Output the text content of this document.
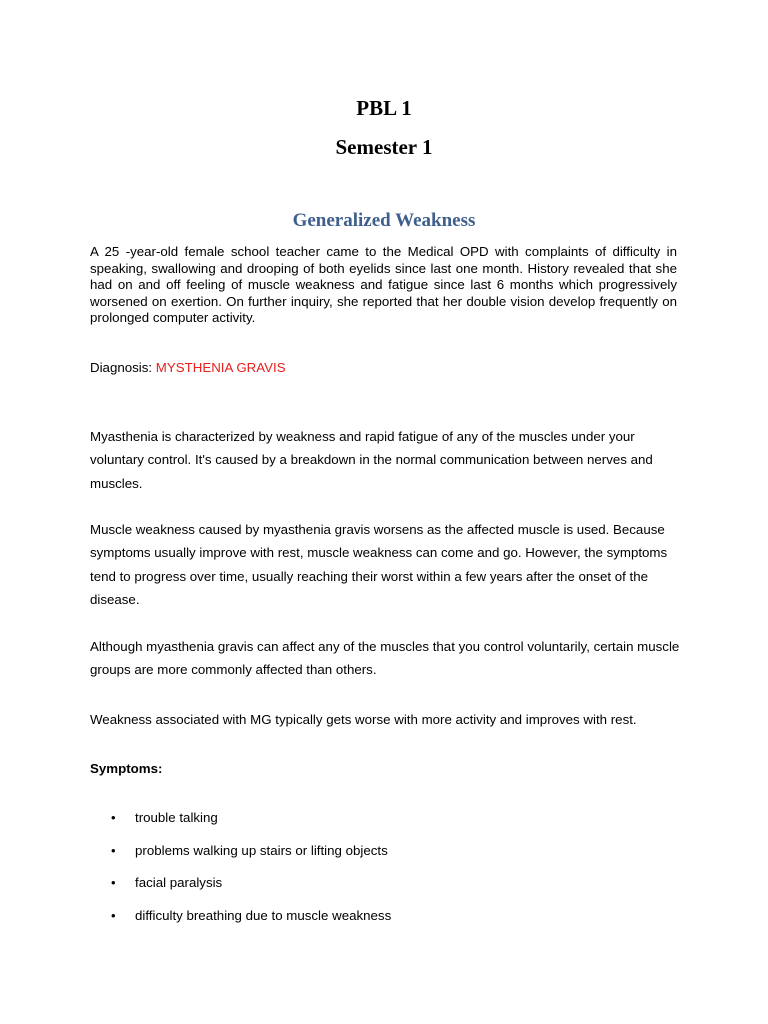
PBL 1
Semester 1
Generalized Weakness

A 25 -year-old female school teacher came to the Medical OPD with complaints of difficulty in speaking, swallowing and drooping of both eyelids since last one month. History revealed that she had on and off feeling of muscle weakness and fatigue since last 6 months which progressively worsened on exertion. On further inquiry, she reported that her double vision develop frequently on prolonged computer activity.

Diagnosis: MYSTHENIA GRAVIS

Myasthenia is characterized by weakness and rapid fatigue of any of the muscles under your voluntary control. It's caused by a breakdown in the normal communication between nerves and muscles.

Muscle weakness caused by myasthenia gravis worsens as the affected muscle is used. Because symptoms usually improve with rest, muscle weakness can come and go. However, the symptoms tend to progress over time, usually reaching their worst within a few years after the onset of the disease.

Although myasthenia gravis can affect any of the muscles that you control voluntarily, certain muscle groups are more commonly affected than others.

Weakness associated with MG typically gets worse with more activity and improves with rest.

Symptoms:

• trouble talking
• problems walking up stairs or lifting objects
• facial paralysis
• difficulty breathing due to muscle weakness
